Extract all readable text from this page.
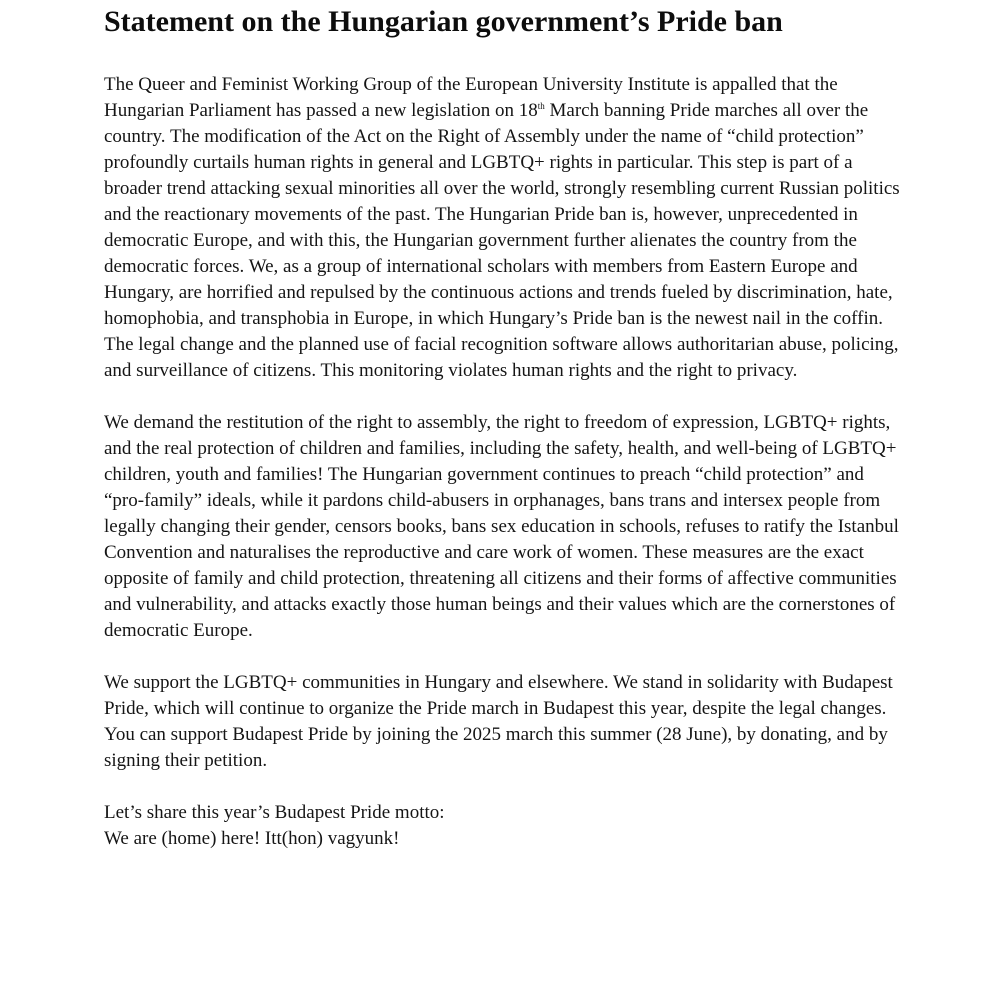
Statement on the Hungarian government’s Pride ban

The Queer and Feminist Working Group of the European University Institute is appalled that the Hungarian Parliament has passed a new legislation on 18th March banning Pride marches all over the country. The modification of the Act on the Right of Assembly under the name of “child protection” profoundly curtails human rights in general and LGBTQ+ rights in particular. This step is part of a broader trend attacking sexual minorities all over the world, strongly resembling current Russian politics and the reactionary movements of the past. The Hungarian Pride ban is, however, unprecedented in democratic Europe, and with this, the Hungarian government further alienates the country from the democratic forces. We, as a group of international scholars with members from Eastern Europe and Hungary, are horrified and repulsed by the continuous actions and trends fueled by discrimination, hate, homophobia, and transphobia in Europe, in which Hungary’s Pride ban is the newest nail in the coffin. The legal change and the planned use of facial recognition software allows authoritarian abuse, policing, and surveillance of citizens. This monitoring violates human rights and the right to privacy.

We demand the restitution of the right to assembly, the right to freedom of expression, LGBTQ+ rights, and the real protection of children and families, including the safety, health, and well-being of LGBTQ+ children, youth and families! The Hungarian government continues to preach “child protection” and “pro-family” ideals, while it pardons child-abusers in orphanages, bans trans and intersex people from legally changing their gender, censors books, bans sex education in schools, refuses to ratify the Istanbul Convention and naturalises the reproductive and care work of women. These measures are the exact opposite of family and child protection, threatening all citizens and their forms of affective communities and vulnerability, and attacks exactly those human beings and their values which are the cornerstones of democratic Europe.

We support the LGBTQ+ communities in Hungary and elsewhere. We stand in solidarity with Budapest Pride, which will continue to organize the Pride march in Budapest this year, despite the legal changes. You can support Budapest Pride by joining the 2025 march this summer (28 June), by donating, and by signing their petition.

Let’s share this year’s Budapest Pride motto:
We are (home) here! Itt(hon) vagyunk!
